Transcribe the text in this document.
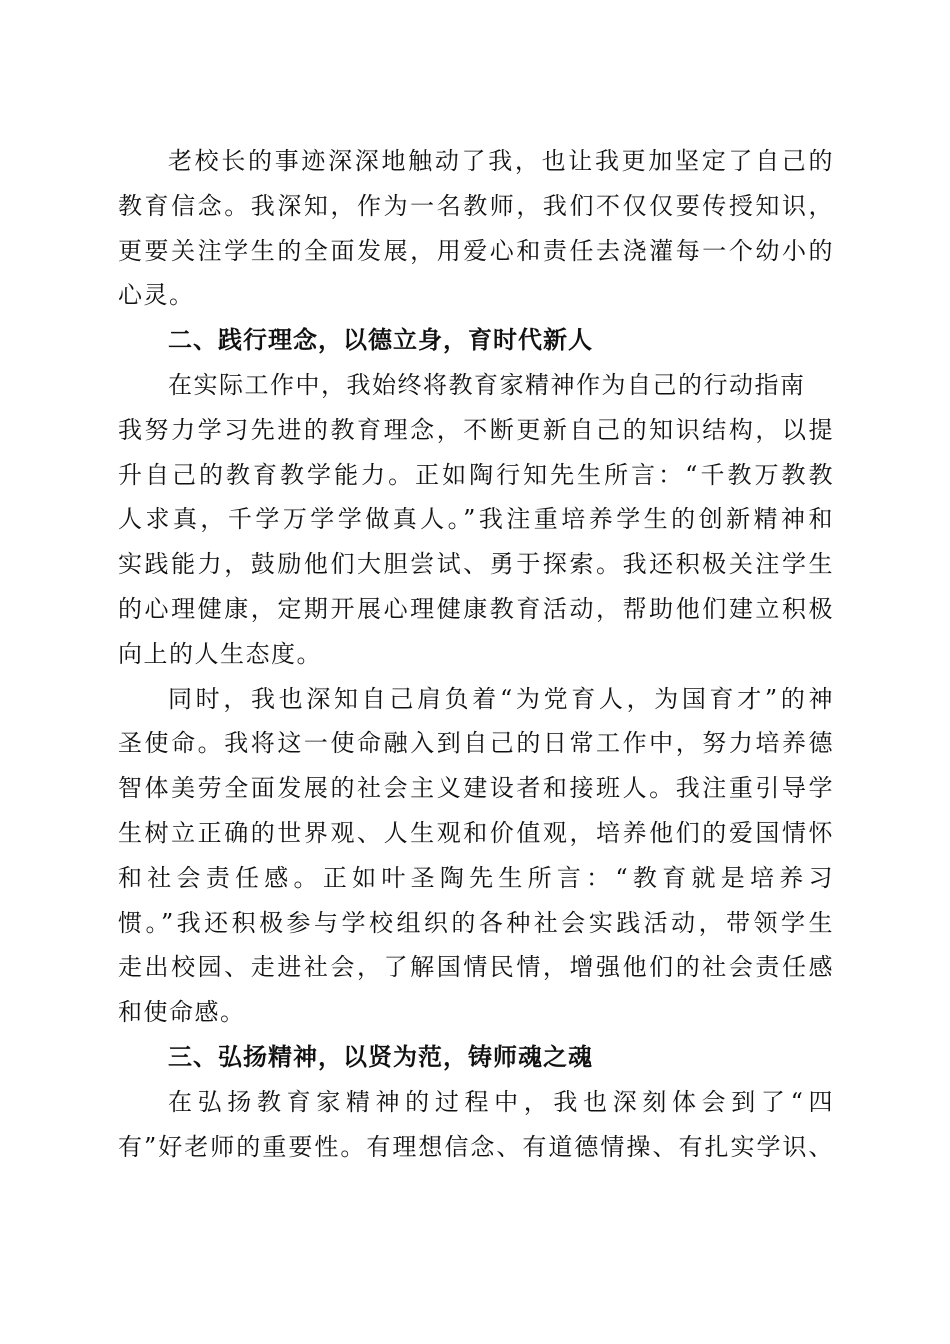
老校长的事迹深深地触动了我，也让我更加坚定了自己的
教育信念。我深知，作为一名教师，我们不仅仅要传授知识，
更要关注学生的全面发展，用爱心和责任去浇灌每一个幼小的
心灵。
二、践行理念，以德立身，育时代新人
在实际工作中，我始终将教育家精神作为自己的行动指南
我努力学习先进的教育理念，不断更新自己的知识结构，以提
升自己的教育教学能力。正如陶行知先生所言：“千教万教教
人求真，千学万学学做真人。”我注重培养学生的创新精神和
实践能力，鼓励他们大胆尝试、勇于探索。我还积极关注学生
的心理健康，定期开展心理健康教育活动，帮助他们建立积极
向上的人生态度。
同时，我也深知自己肩负着“为党育人，为国育才”的神
圣使命。我将这一使命融入到自己的日常工作中，努力培养德
智体美劳全面发展的社会主义建设者和接班人。我注重引导学
生树立正确的世界观、人生观和价值观，培养他们的爱国情怀
和社会责任感。正如叶圣陶先生所言：“教育就是培养习
惯。”我还积极参与学校组织的各种社会实践活动，带领学生
走出校园、走进社会，了解国情民情，增强他们的社会责任感
和使命感。
三、弘扬精神，以贤为范，铸师魂之魂
在弘扬教育家精神的过程中，我也深刻体会到了“四
有”好老师的重要性。有理想信念、有道德情操、有扎实学识、
